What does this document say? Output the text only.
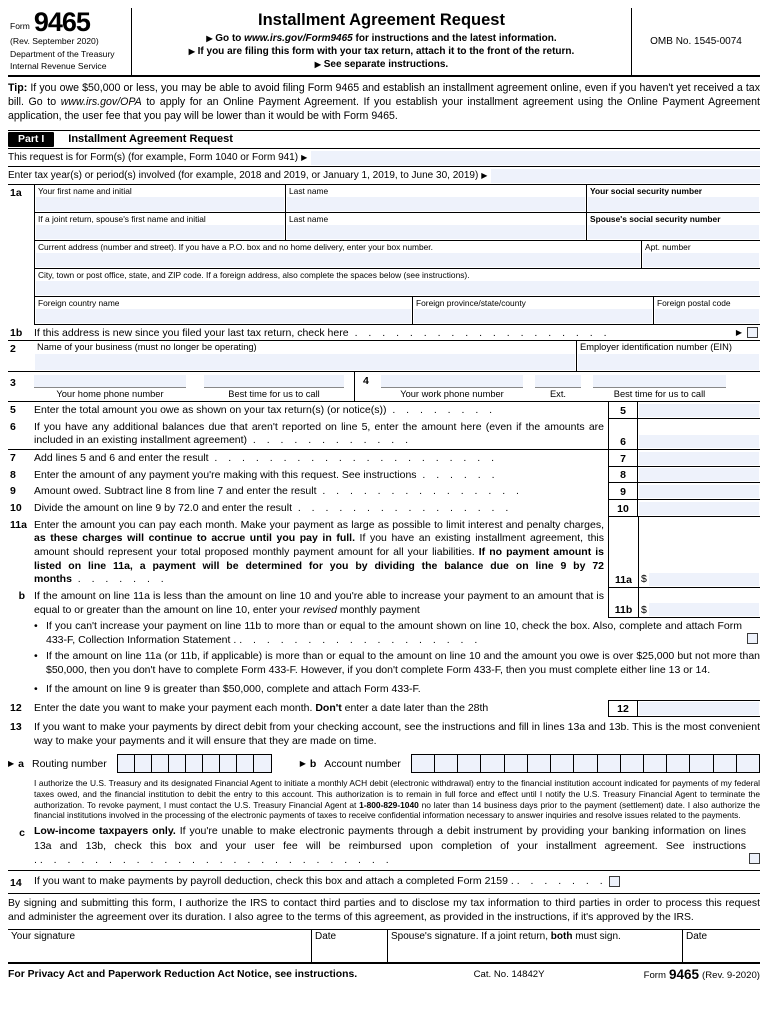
Form 9465
(Rev. September 2020)
Department of the Treasury
Internal Revenue Service
Installment Agreement Request
▶ Go to www.irs.gov/Form9465 for instructions and the latest information.
▶ If you are filing this form with your tax return, attach it to the front of the return.
▶ See separate instructions.
OMB No. 1545-0074
Tip: If you owe $50,000 or less, you may be able to avoid filing Form 9465 and establish an installment agreement online, even if you haven't yet received a tax bill. Go to www.irs.gov/OPA to apply for an Online Payment Agreement. If you establish your installment agreement using the Online Payment Agreement application, the user fee that you pay will be lower than it would be with Form 9465.
Part I	Installment Agreement Request
This request is for Form(s) (for example, Form 1040 or Form 941) ▶
Enter tax year(s) or period(s) involved (for example, 2018 and 2019, or January 1, 2019, to June 30, 2019) ▶
1a	Your first name and initial	Last name	Your social security number
If a joint return, spouse's first name and initial	Last name	Spouse's social security number
Current address (number and street). If you have a P.O. box and no home delivery, enter your box number.	Apt. number
City, town or post office, state, and ZIP code. If a foreign address, also complete the spaces below (see instructions).
Foreign country name	Foreign province/state/county	Foreign postal code
1b	If this address is new since you filed your last tax return, check here . . . . . . . . . . . . . . . . . . .	▶
2	Name of your business (must no longer be operating)	Employer identification number (EIN)
3
Your home phone number	Best time for us to call
4
Your work phone number	Ext.	Best time for us to call
5	Enter the total amount you owe as shown on your tax return(s) (or notice(s)) . . . . . . . .	5
6	If you have any additional balances due that aren't reported on line 5, enter the amount here (even if the amounts are included in an existing installment agreement) . . . . . . . . . . . .	6
7	Add lines 5 and 6 and enter the result . . . . . . . . . . . . . . . . . . . . .	7
8	Enter the amount of any payment you're making with this request. See instructions . . . . . .	8
9	Amount owed. Subtract line 8 from line 7 and enter the result . . . . . . . . . . . . . . .	9
10	Divide the amount on line 9 by 72.0 and enter the result . . . . . . . . . . . . . . . .	10
11a Enter the amount you can pay each month. Make your payment as large as possible to limit interest and penalty charges, as these charges will continue to accrue until you pay in full. If you have an existing installment agreement, this amount should represent your total proposed monthly payment amount for all your liabilities. If no payment amount is listed on line 11a, a payment will be determined for you by dividing the balance due on line 9 by 72 months . . . . . . .	11a $
b If the amount on line 11a is less than the amount on line 10 and you're able to increase your payment to an amount that is equal to or greater than the amount on line 10, enter your revised monthly payment	11b $
• If you can't increase your payment on line 11b to more than or equal to the amount shown on line 10, check the box. Also, complete and attach Form 433-F, Collection Information Statement . . . . . . . . . . . . . . . . . . .
• If the amount on line 11a (or 11b, if applicable) is more than or equal to the amount on line 10 and the amount you owe is over $25,000 but not more than $50,000, then you don't have to complete Form 433-F. However, if you don't complete Form 433-F, then you must complete either line 13 or 14.
• If the amount on line 9 is greater than $50,000, complete and attach Form 433-F.
12	Enter the date you want to make your payment each month. Don't enter a date later than the 28th	12
13	If you want to make your payments by direct debit from your checking account, see the instructions and fill in lines 13a and 13b. This is the most convenient way to make your payments and it will ensure that they are made on time.
▶ a Routing number	▶ b Account number
I authorize the U.S. Treasury and its designated Financial Agent to initiate a monthly ACH debit (electronic withdrawal) entry to the financial institution account indicated for payments of my federal taxes owed, and the financial institution to debit the entry to this account. This authorization is to remain in full force and effect until I notify the U.S. Treasury Financial Agent to terminate the authorization. To revoke payment, I must contact the U.S. Treasury Financial Agent at 1-800-829-1040 no later than 14 business days prior to the payment (settlement) date. I also authorize the financial institutions involved in the processing of the electronic payments of taxes to receive confidential information necessary to answer inquiries and resolve issues related to the payments.
c Low-income taxpayers only. If you're unable to make electronic payments through a debit instrument by providing your banking information on lines 13a and 13b, check this box and your user fee will be reimbursed upon completion of your installment agreement. See instructions . . . . . . . . . . . . . . . . . . . . . . . . . . .
14	If you want to make payments by payroll deduction, check this box and attach a completed Form 2159 . . . . . . . .
By signing and submitting this form, I authorize the IRS to contact third parties and to disclose my tax information to third parties in order to process this request and administer the agreement over its duration. I also agree to the terms of this agreement, as provided in the instructions, if it's approved by the IRS.
Your signature	Date	Spouse's signature. If a joint return, both must sign.	Date
For Privacy Act and Paperwork Reduction Act Notice, see instructions.	Cat. No. 14842Y	Form 9465 (Rev. 9-2020)
